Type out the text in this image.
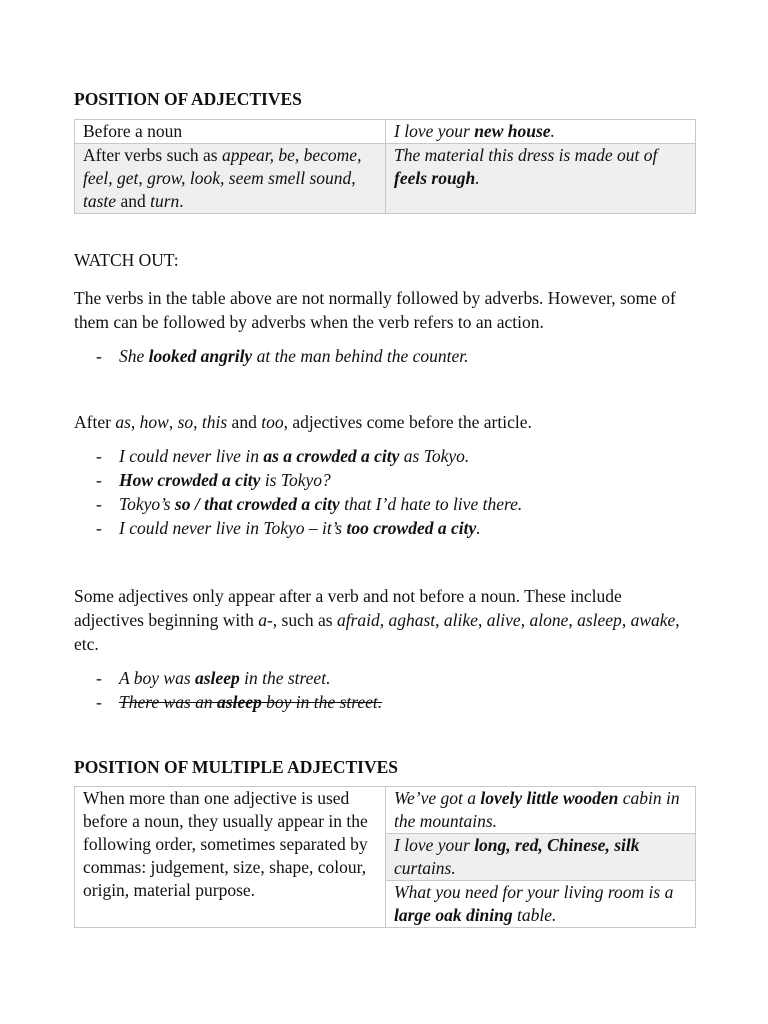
POSITION OF ADJECTIVES
Before a noun	I love your new house.
After verbs such as appear, be, become, feel, get, grow, look, seem smell sound, taste and turn.	The material this dress is made out of feels rough.

WATCH OUT:

The verbs in the table above are not normally followed by adverbs. However, some of them can be followed by adverbs when the verb refers to an action.

- She looked angrily at the man behind the counter.

After as, how, so, this and too, adjectives come before the article.

- I could never live in as a crowded a city as Tokyo.
- How crowded a city is Tokyo?
- Tokyo’s so / that crowded a city that I’d hate to live there.
- I could never live in Tokyo – it’s too crowded a city.

Some adjectives only appear after a verb and not before a noun. These include adjectives beginning with a-, such as afraid, aghast, alike, alive, alone, asleep, awake, etc.

- A boy was asleep in the street.
- There was an asleep boy in the street.
POSITION OF MULTIPLE ADJECTIVES
When more than one adjective is used before a noun, they usually appear in the following order, sometimes separated by commas: judgement, size, shape, colour, origin, material purpose.	We’ve got a lovely little wooden cabin in the mountains.
I love your long, red, Chinese, silk curtains.
What you need for your living room is a large oak dining table.
